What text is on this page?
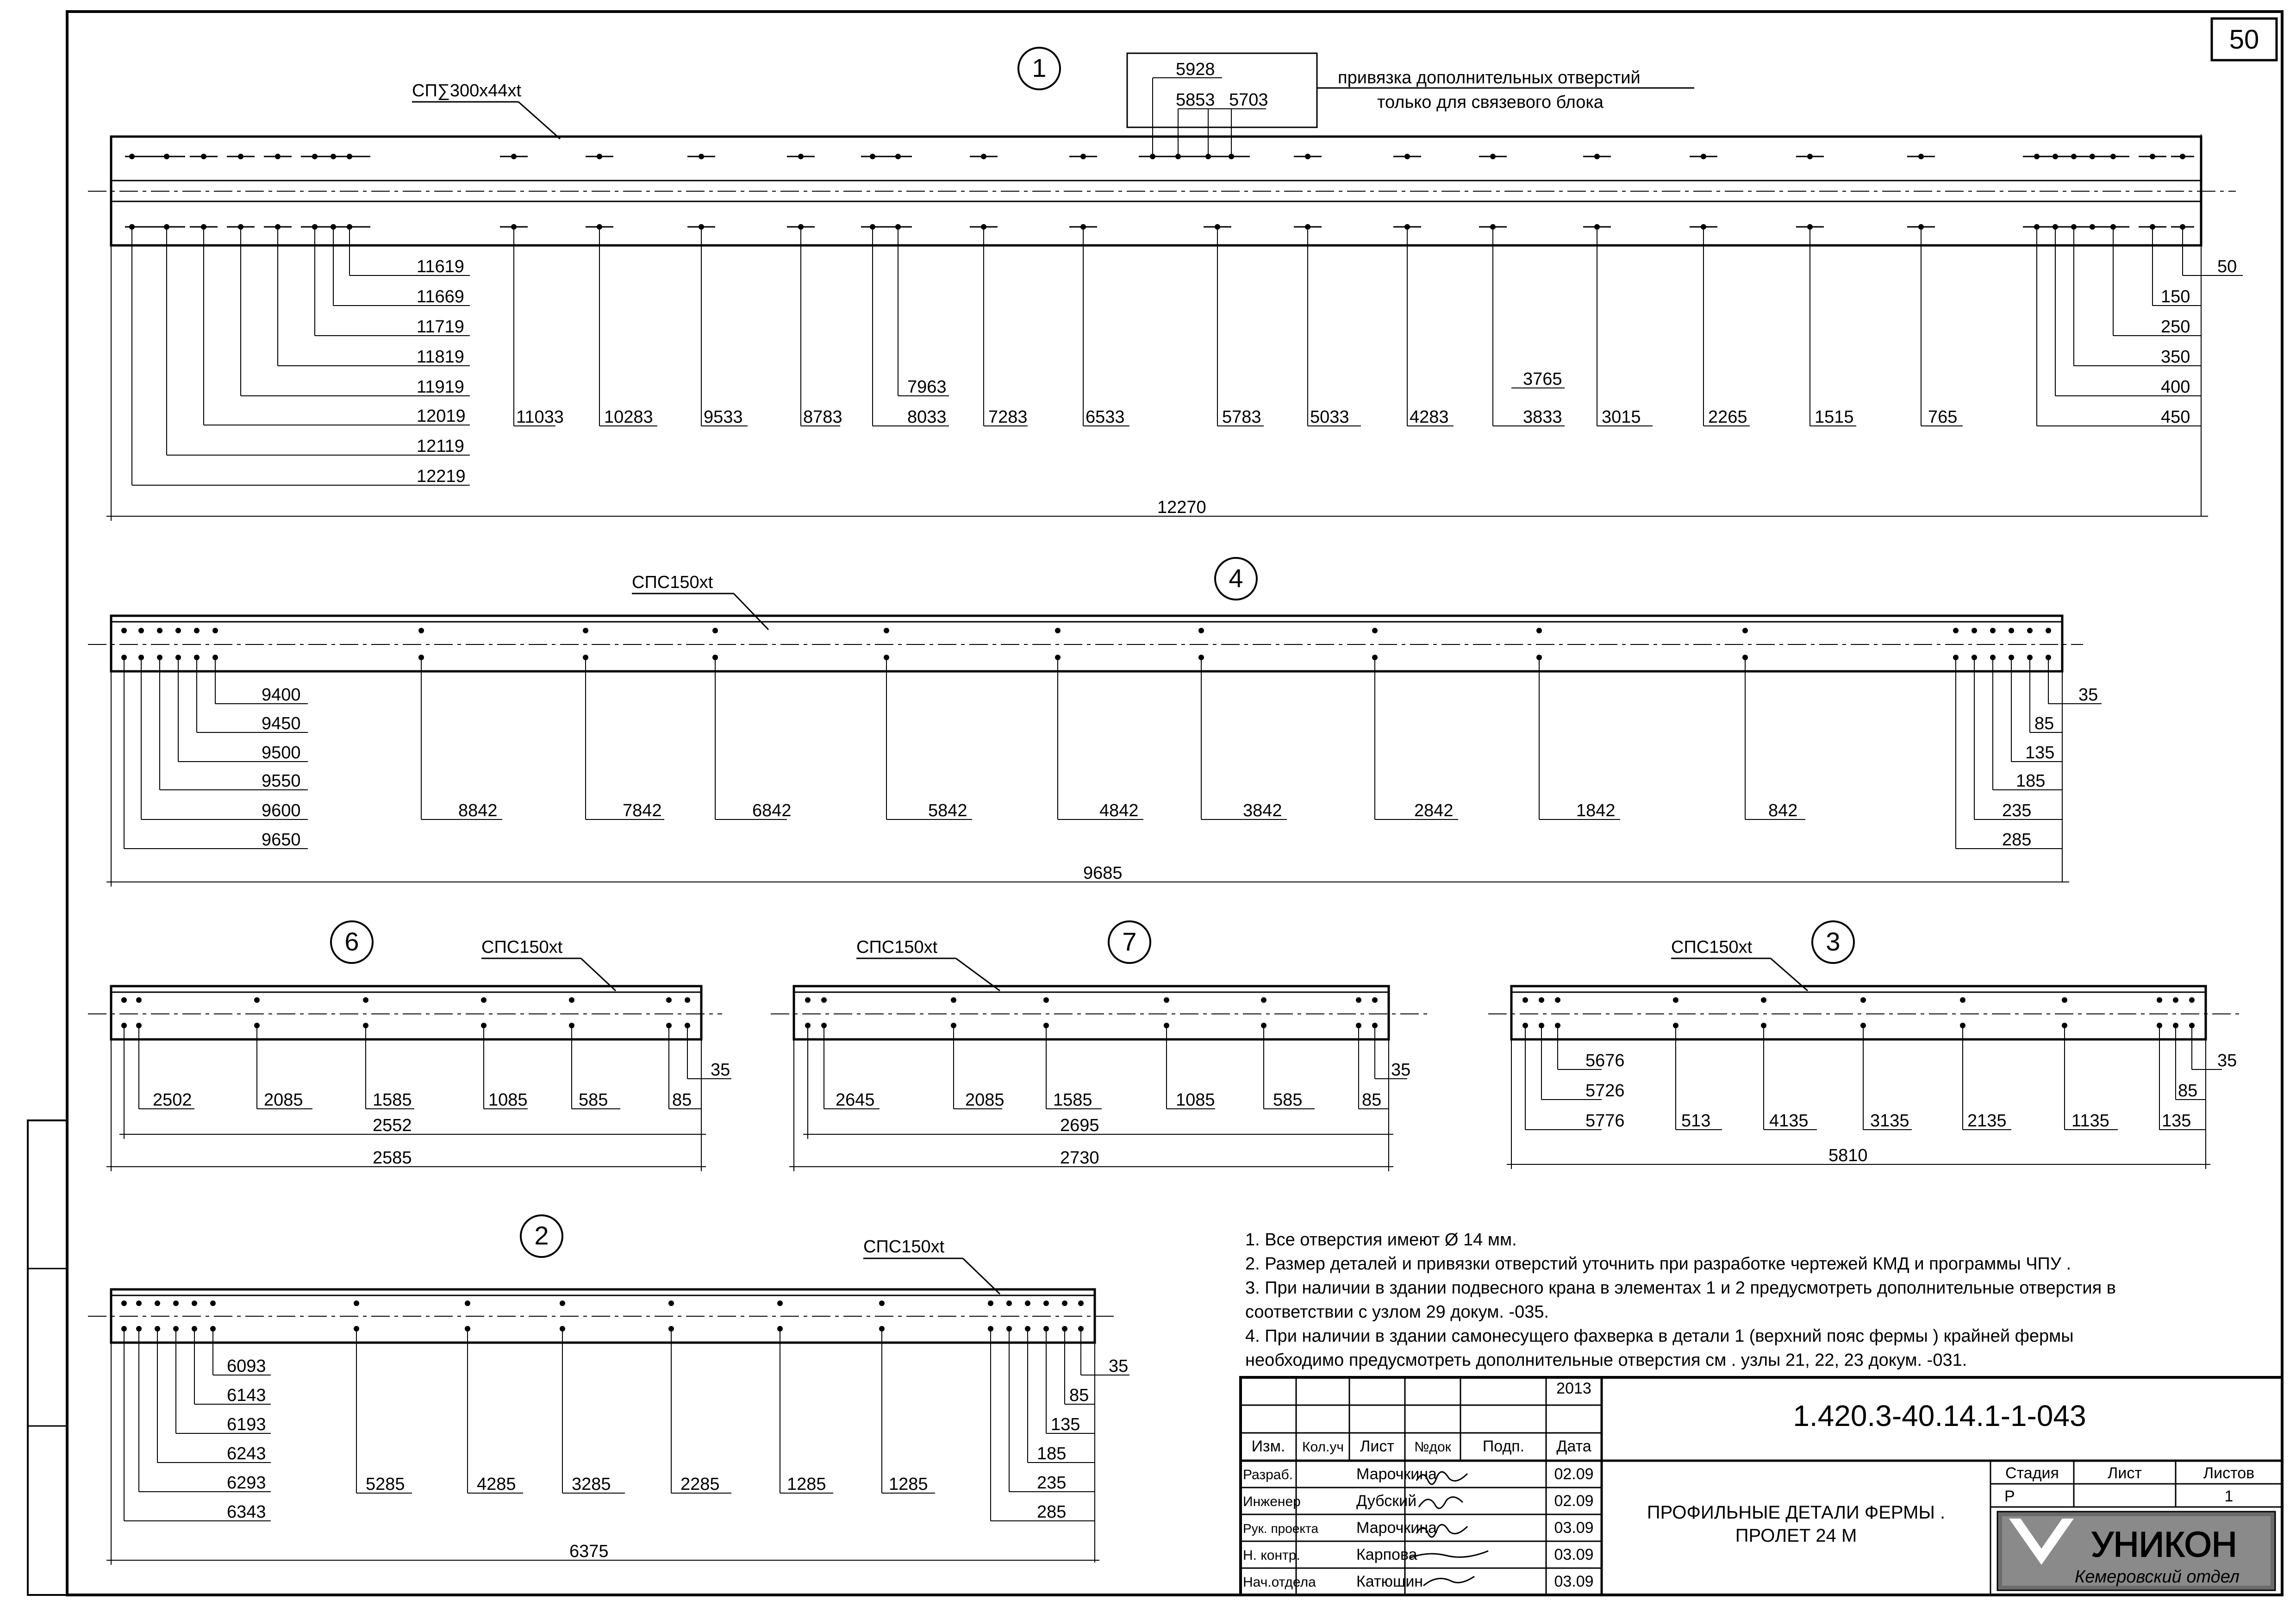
50
1
СП∑300х44xt
привязка дополнительных отверстий
только для связевого блока
5928
5853 5703
11619
11669
11719
11819
11919
12019
12119
12219
11033 10283	9533	8783
7963
8033 7283	6533	5783	5033	4283
3765
3833 3015	2265	1515	765
50
150
250
350
400
450
12270
4
СПС150xt
9400
9450
9500
9550
9600
9650
8842	7842	6842	5842	4842	3842	2842	1842	842
35
85
135
185
235
285
9685
6	СПС150xt
2502	2085	1585	1085	585	85
35
2552
2585
7
СПС150xt
2645	2085	1585	1085	585	85
35
2695
2730
3
СПС150xt
5676
5726
5776	513	4135	3135	2135	1135
35
85
135
5810
2	СПС150xt
6093
6143
6193
6243
6293
6343
5285	4285	3285	2285	1285	1285
35
85
135
185
235
285
6375
1. Все отверстия имеют Ø 14 мм.
2. Размер деталей и привязки отверстий уточнить при разработке чертежей КМД и программы ЧПУ .
3. При наличии в здании подвесного крана в элементах 1 и 2 предусмотреть дополнительные отверстия в
соответствии с узлом 29 докум. -035.
4. При наличии в здании самонесущего фахверка в детали 1 (верхний пояс фермы ) крайней фермы
необходимо предусмотреть дополнительные отверстия см . узлы 21, 22, 23 докум. -031.
2013
Изм. Кол.уч Лист №док Подп. Дата
Разраб.	Марочкина	02.09
Инженер	Дубский	02.09
Рук. проекта Марочкина	03.09
Н. контр.	Карпова	03.09
Нач.отдела	Катюшин	03.09
1.420.3-40.14.1-1-043
ПРОФИЛЬНЫЕ ДЕТАЛИ ФЕРМЫ .
ПРОЛЕТ 24 М
Стадия	Лист	Листов
Р	1
УНИКОН
Кемеровский отдел
